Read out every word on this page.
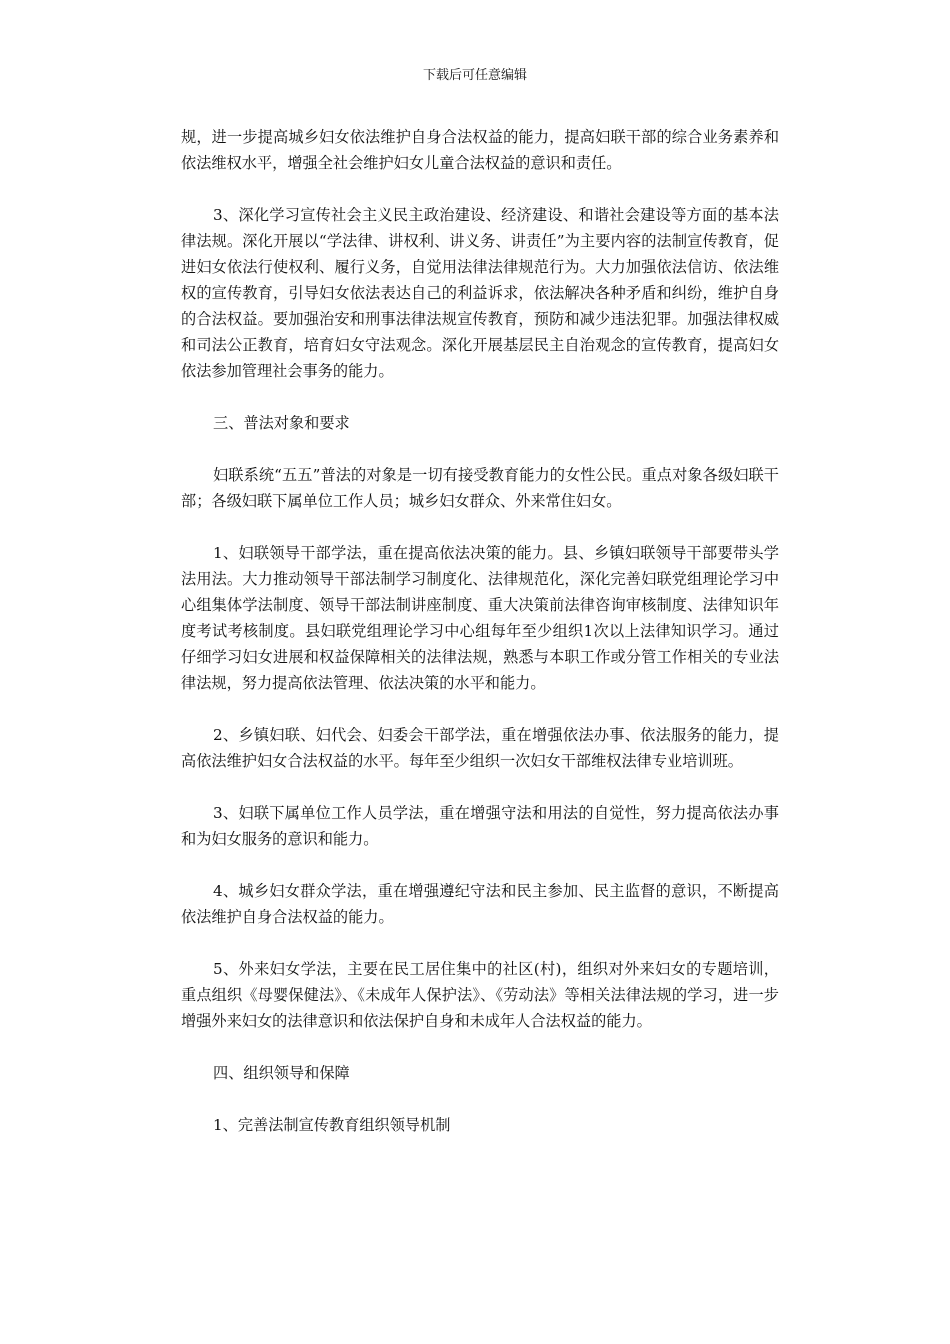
下载后可任意编辑

规，进一步提高城乡妇女依法维护自身合法权益的能力，提高妇联干部的综合业务素养和依法维权水平，增强全社会维护妇女儿童合法权益的意识和责任。

3、深化学习宣传社会主义民主政治建设、经济建设、和谐社会建设等方面的基本法律法规。深化开展以“学法律、讲权利、讲义务、讲责任”为主要内容的法制宣传教育，促进妇女依法行使权利、履行义务，自觉用法律法律规范行为。大力加强依法信访、依法维权的宣传教育，引导妇女依法表达自己的利益诉求，依法解决各种矛盾和纠纷，维护自身的合法权益。要加强治安和刑事法律法规宣传教育，预防和减少违法犯罪。加强法律权威和司法公正教育，培育妇女守法观念。深化开展基层民主自治观念的宣传教育，提高妇女依法参加管理社会事务的能力。

三、普法对象和要求

妇联系统“五五”普法的对象是一切有接受教育能力的女性公民。重点对象各级妇联干部；各级妇联下属单位工作人员；城乡妇女群众、外来常住妇女。

1、妇联领导干部学法，重在提高依法决策的能力。县、乡镇妇联领导干部要带头学法用法。大力推动领导干部法制学习制度化、法律规范化，深化完善妇联党组理论学习中心组集体学法制度、领导干部法制讲座制度、重大决策前法律咨询审核制度、法律知识年度考试考核制度。县妇联党组理论学习中心组每年至少组织1次以上法律知识学习。通过仔细学习妇女进展和权益保障相关的法律法规，熟悉与本职工作或分管工作相关的专业法律法规，努力提高依法管理、依法决策的水平和能力。

2、乡镇妇联、妇代会、妇委会干部学法，重在增强依法办事、依法服务的能力，提高依法维护妇女合法权益的水平。每年至少组织一次妇女干部维权法律专业培训班。

3、妇联下属单位工作人员学法，重在增强守法和用法的自觉性，努力提高依法办事和为妇女服务的意识和能力。

4、城乡妇女群众学法，重在增强遵纪守法和民主参加、民主监督的意识，不断提高依法维护自身合法权益的能力。

5、外来妇女学法，主要在民工居住集中的社区(村)，组织对外来妇女的专题培训，重点组织《母婴保健法》、《未成年人保护法》、《劳动法》等相关法律法规的学习，进一步增强外来妇女的法律意识和依法保护自身和未成年人合法权益的能力。

四、组织领导和保障

1、完善法制宣传教育组织领导机制
